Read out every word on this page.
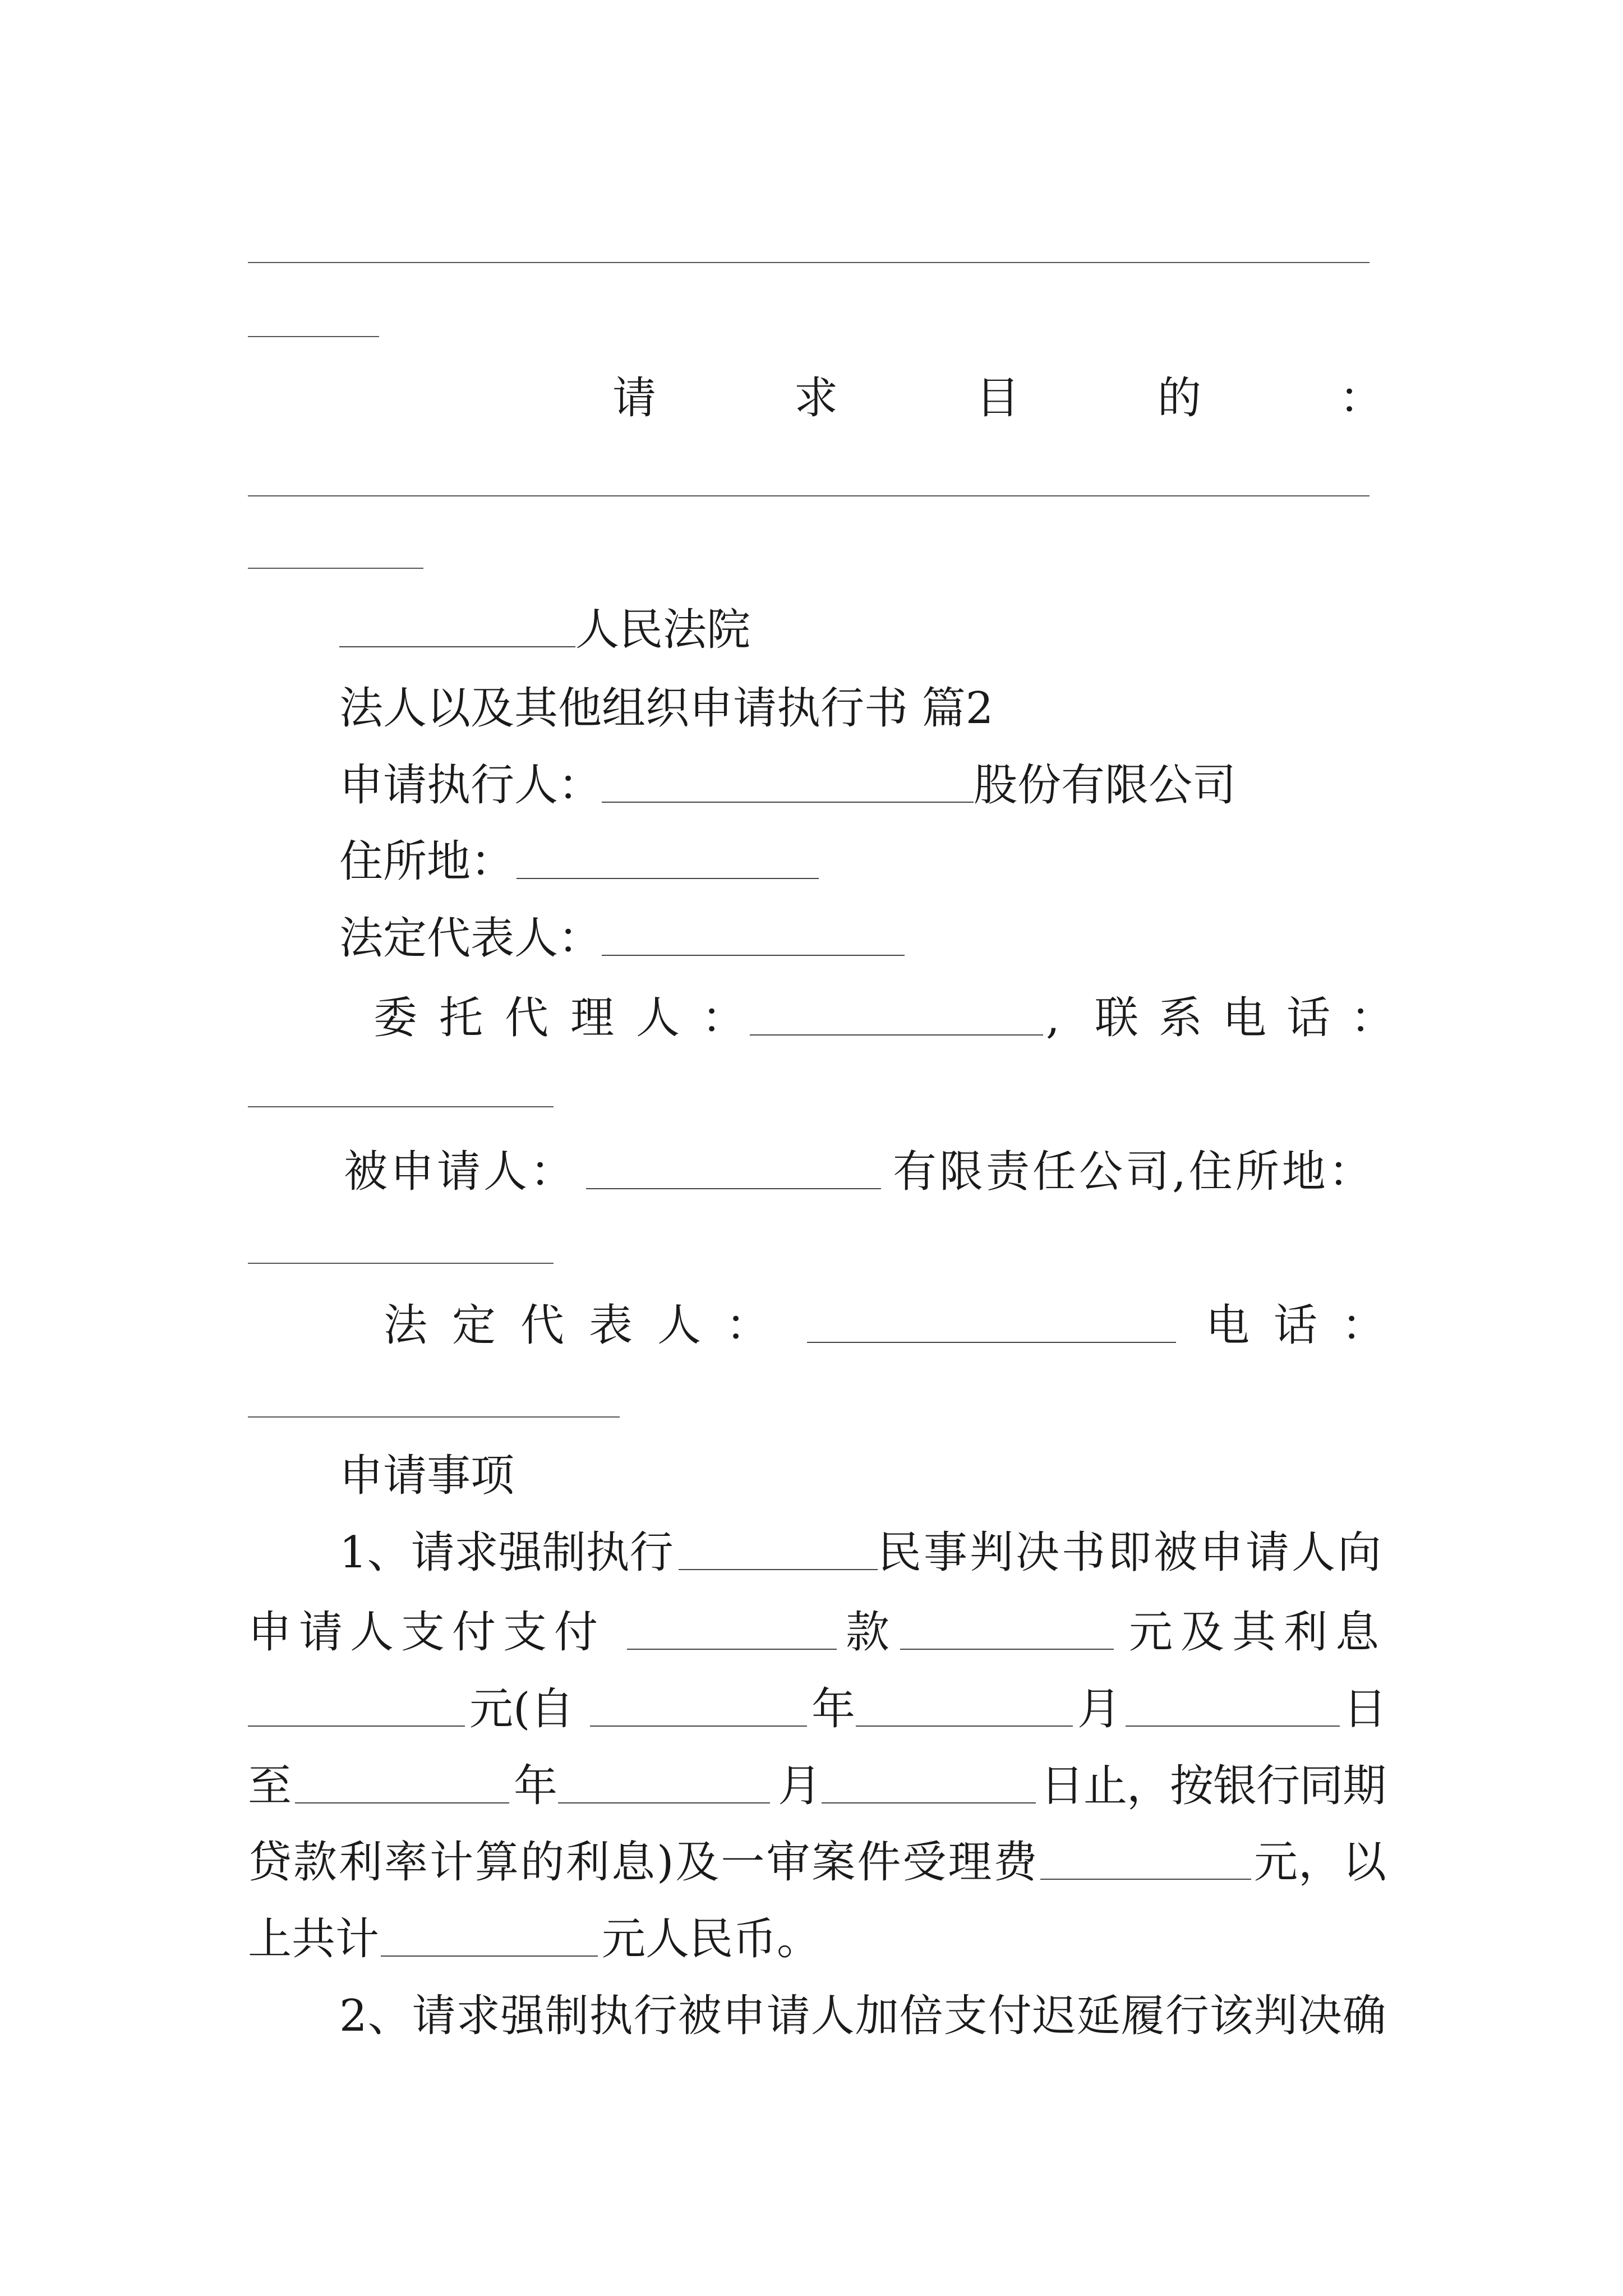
请求目的：
人民法院
法人以及其他组织申请执行书 篇2
申请执行人：	股份有限公司
住所地：
法定代表人：
委托代理人：	, 联系电话：
被申请人：	有限责任公司,住所地：
法定代表人：	电话：
申请事项
1、请求强制执行	民事判决书即被申请人向
申请人支付支付	款	元及其利息
元(自	年	月	日
至	年	月	日止，按银行同期
贷款利率计算的利息)及一审案件受理费	元，以
上共计	元人民币。
2、请求强制执行被申请人加倍支付迟延履行该判决确
